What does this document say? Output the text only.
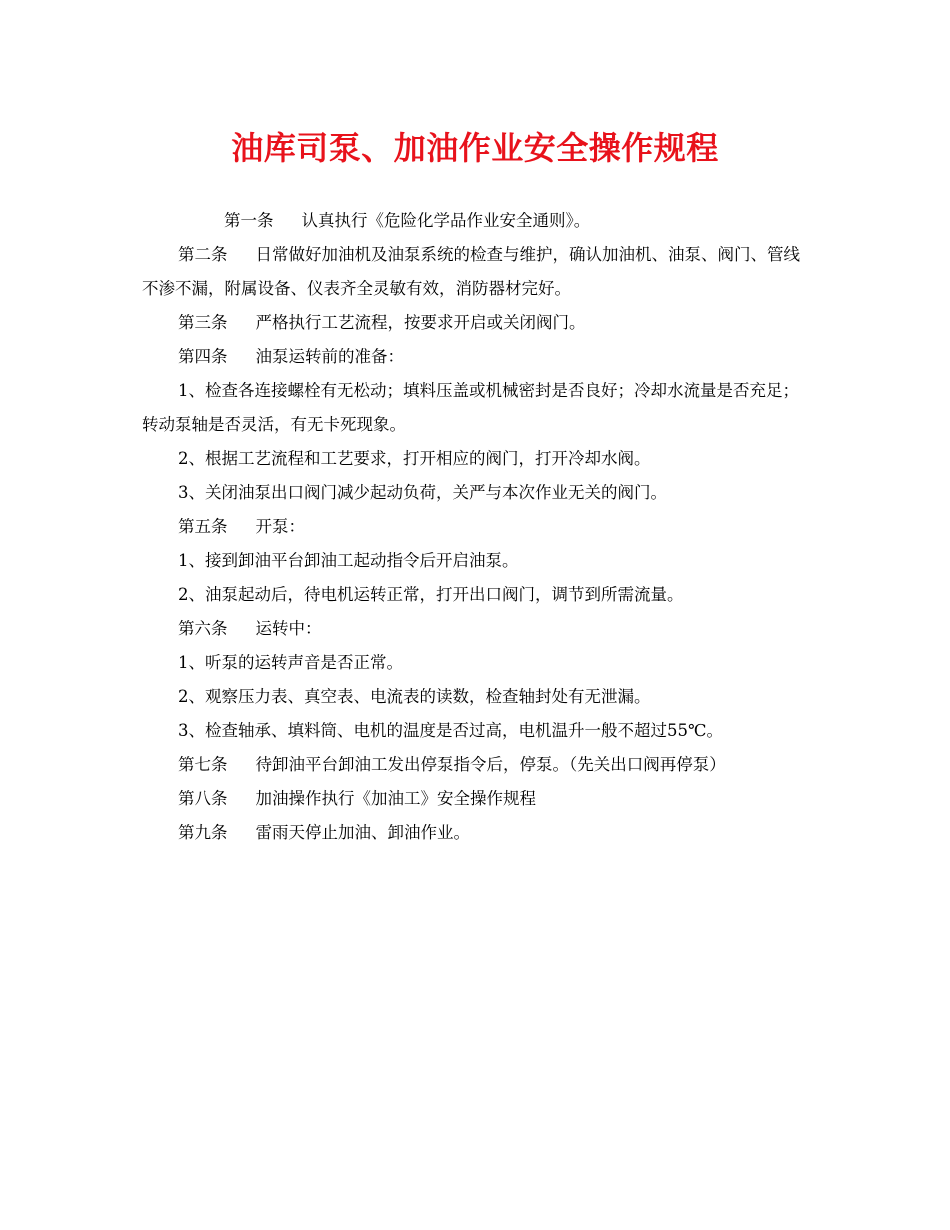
油库司泵、加油作业安全操作规程

第一条 认真执行《危险化学品作业安全通则》。

第二条 日常做好加油机及油泵系统的检查与维护，确认加油机、油泵、阀门、管线不渗不漏，附属设备、仪表齐全灵敏有效，消防器材完好。

第三条 严格执行工艺流程，按要求开启或关闭阀门。

第四条 油泵运转前的准备：

1、检查各连接螺栓有无松动；填料压盖或机械密封是否良好；冷却水流量是否充足；转动泵轴是否灵活，有无卡死现象。

2、根据工艺流程和工艺要求，打开相应的阀门，打开冷却水阀。

3、关闭油泵出口阀门减少起动负荷，关严与本次作业无关的阀门。

第五条 开泵：

1、接到卸油平台卸油工起动指令后开启油泵。

2、油泵起动后，待电机运转正常，打开出口阀门，调节到所需流量。

第六条 运转中：

1、听泵的运转声音是否正常。

2、观察压力表、真空表、电流表的读数，检查轴封处有无泄漏。

3、检查轴承、填料筒、电机的温度是否过高，电机温升一般不超过55℃。

第七条 待卸油平台卸油工发出停泵指令后，停泵。（先关出口阀再停泵）

第八条 加油操作执行《加油工》安全操作规程

第九条 雷雨天停止加油、卸油作业。
